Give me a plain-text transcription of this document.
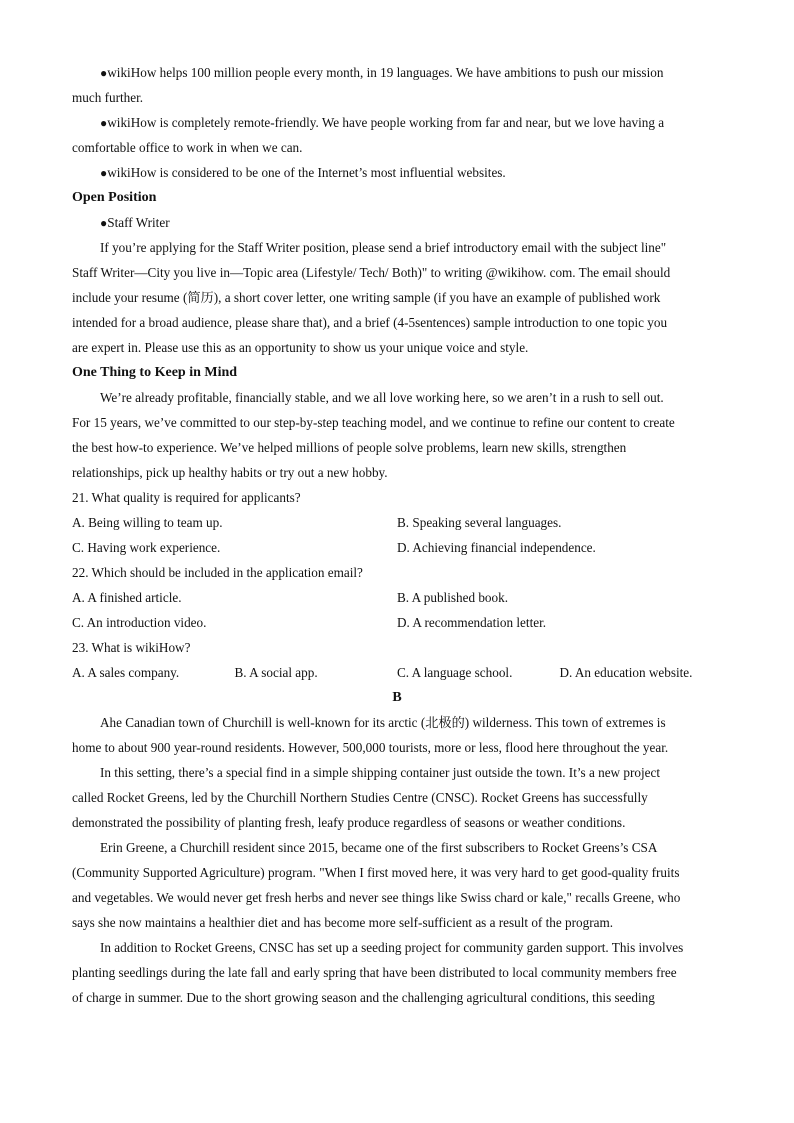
●wikiHow helps 100 million people every month, in 19 languages. We have ambitions to push our mission
much further.
●wikiHow is completely remote-friendly. We have people working from far and near, but we love having a
comfortable office to work in when we can.
●wikiHow is considered to be one of the Internet’s most influential websites.
Open Position
●Staff Writer
If you’re applying for the Staff Writer position, please send a brief introductory email with the subject line"
Staff Writer—City you live in—Topic area (Lifestyle/ Tech/ Both)" to writing @wikihow. com. The email should
include your resume (简历), a short cover letter, one writing sample (if you have an example of published work
intended for a broad audience, please share that), and a brief (4-5sentences) sample introduction to one topic you
are expert in. Please use this as an opportunity to show us your unique voice and style.
One Thing to Keep in Mind
We’re already profitable, financially stable, and we all love working here, so we aren’t in a rush to sell out.
For 15 years, we’ve committed to our step-by-step teaching model, and we continue to refine our content to create
the best how-to experience. We’ve helped millions of people solve problems, learn new skills, strengthen
relationships, pick up healthy habits or try out a new hobby.
21. What quality is required for applicants?
A. Being willing to team up.	B. Speaking several languages.
C. Having work experience.	D. Achieving financial independence.
22. Which should be included in the application email?
A. A finished article.	B. A published book.
C. An introduction video.	D. A recommendation letter.
23. What is wikiHow?
A. A sales company.	B. A social app.	C. A language school.	D. An education website.
B
Ahe Canadian town of Churchill is well-known for its arctic (北极的) wilderness. This town of extremes is
home to about 900 year-round residents. However, 500,000 tourists, more or less, flood here throughout the year.
In this setting, there’s a special find in a simple shipping container just outside the town. It’s a new project
called Rocket Greens, led by the Churchill Northern Studies Centre (CNSC). Rocket Greens has successfully
demonstrated the possibility of planting fresh, leafy produce regardless of seasons or weather conditions.
Erin Greene, a Churchill resident since 2015, became one of the first subscribers to Rocket Greens’s CSA
(Community Supported Agriculture) program. "When I first moved here, it was very hard to get good-quality fruits
and vegetables. We would never get fresh herbs and never see things like Swiss chard or kale," recalls Greene, who
says she now maintains a healthier diet and has become more self-sufficient as a result of the program.
In addition to Rocket Greens, CNSC has set up a seeding project for community garden support. This involves
planting seedlings during the late fall and early spring that have been distributed to local community members free
of charge in summer. Due to the short growing season and the challenging agricultural conditions, this seeding
